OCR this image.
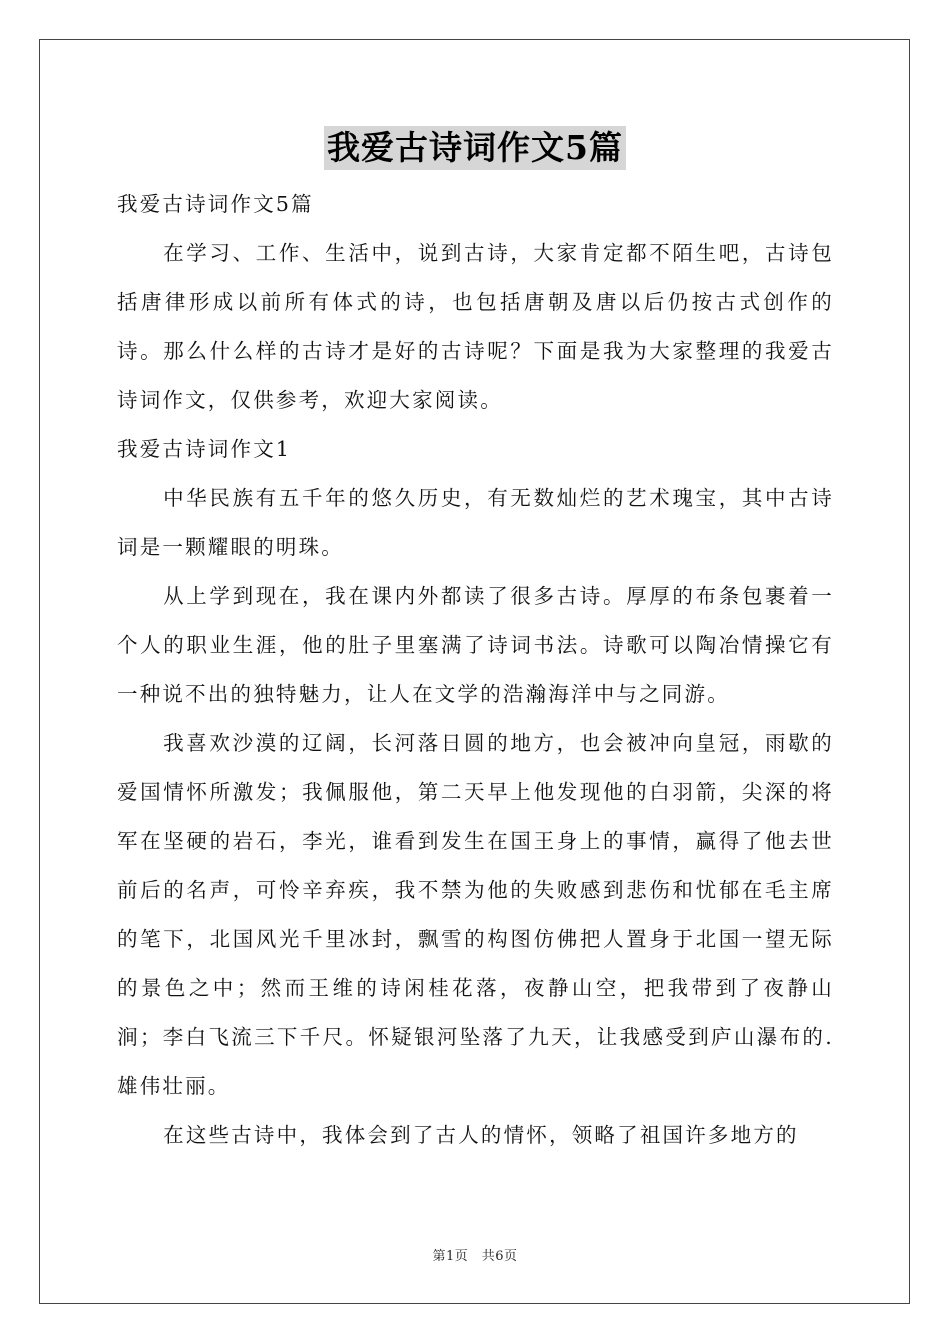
我爱古诗词作文5篇

我爱古诗词作文5篇

在学习、工作、生活中，说到古诗，大家肯定都不陌生吧，古诗包括唐律形成以前所有体式的诗，也包括唐朝及唐以后仍按古式创作的诗。那么什么样的古诗才是好的古诗呢？下面是我为大家整理的我爱古诗词作文，仅供参考，欢迎大家阅读。

我爱古诗词作文1

中华民族有五千年的悠久历史，有无数灿烂的艺术瑰宝，其中古诗词是一颗耀眼的明珠。

从上学到现在，我在课内外都读了很多古诗。厚厚的布条包裹着一个人的职业生涯，他的肚子里塞满了诗词书法。诗歌可以陶冶情操它有一种说不出的独特魅力，让人在文学的浩瀚海洋中与之同游。

我喜欢沙漠的辽阔，长河落日圆的地方，也会被冲向皇冠，雨歇的爱国情怀所激发；我佩服他，第二天早上他发现他的白羽箭，尖深的将军在坚硬的岩石，李光，谁看到发生在国王身上的事情，赢得了他去世前后的名声，可怜辛弃疾，我不禁为他的失败感到悲伤和忧郁在毛主席的笔下，北国风光千里冰封，飘雪的构图仿佛把人置身于北国一望无际的景色之中；然而王维的诗闲桂花落，夜静山空，把我带到了夜静山涧；李白飞流三下千尺。怀疑银河坠落了九天，让我感受到庐山瀑布的.雄伟壮丽。

在这些古诗中，我体会到了古人的情怀，领略了祖国许多地方的

第1页　共6页
